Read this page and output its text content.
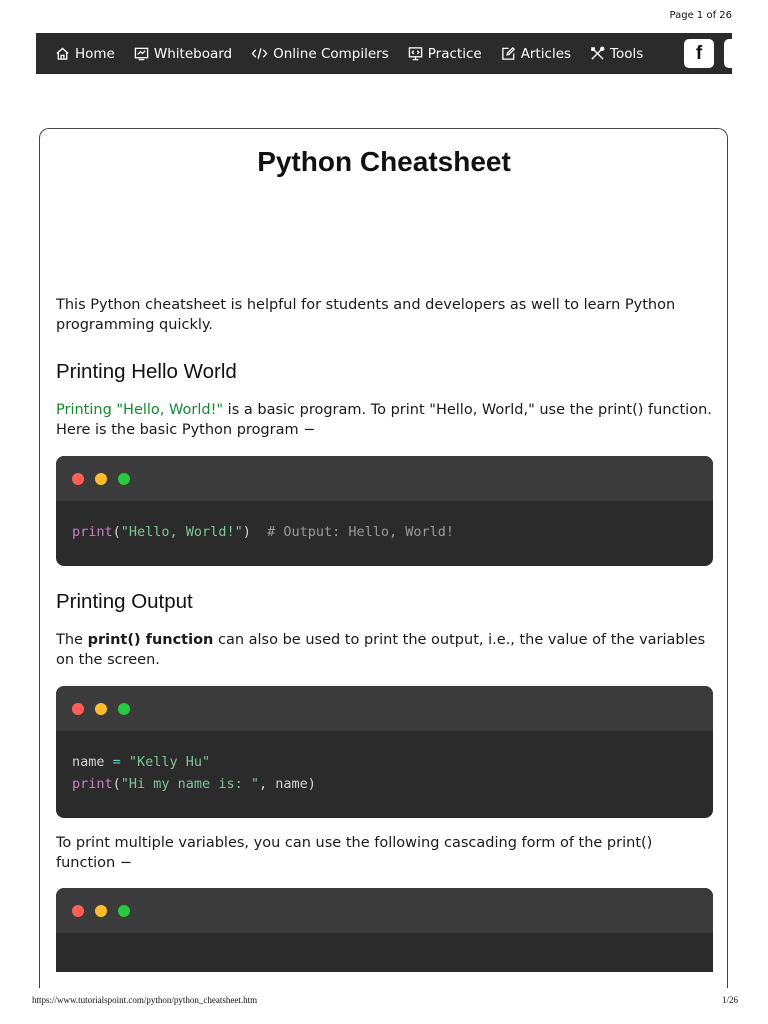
Page 1 of 26
Home	Whiteboard	Online Compilers	Practice	Articles	Tools	f
Python Cheatsheet

This Python cheatsheet is helpful for students and developers as well to learn Python programming quickly.

Printing Hello World

Printing "Hello, World!" is a basic program. To print "Hello, World," use the print() function. Here is the basic Python program −

print("Hello, World!")  # Output: Hello, World!
Printing Output

The print() function can also be used to print the output, i.e., the value of the variables on the screen.

name = "Kelly Hu"
print("Hi my name is: ", name)

To print multiple variables, you can use the following cascading form of the print() function −

https://www.tutorialspoint.com/python/python_cheatsheet.htm	1/26
